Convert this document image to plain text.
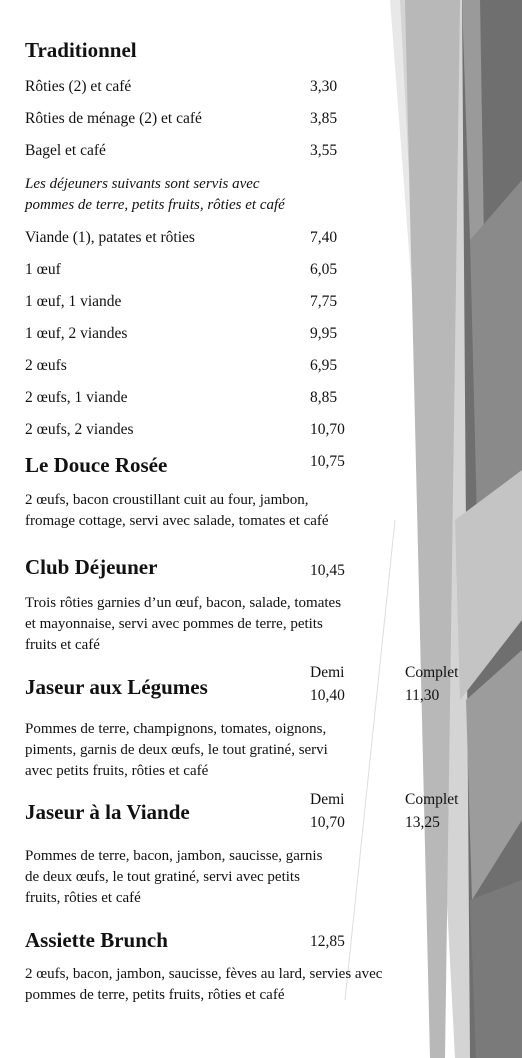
Traditionnel
Rôties (2) et café	3,30
Rôties de ménage (2) et café	3,85
Bagel et café	3,55
Les déjeuners suivants sont servis avec
pommes de terre, petits fruits, rôties et café
Viande (1), patates et rôties	7,40
1 œuf	6,05
1 œuf, 1 viande	7,75
1 œuf, 2 viandes	9,95
2 œufs	6,95
2 œufs, 1 viande	8,85
2 œufs, 2 viandes	10,70
Le Douce Rosée	10,75
2 œufs, bacon croustillant cuit au four, jambon,
fromage cottage, servi avec salade, tomates et café
Club Déjeuner	10,45
Trois rôties garnies d’un œuf, bacon, salade, tomates
et mayonnaise, servi avec pommes de terre, petits
fruits et café
Demi	Complet
Jaseur aux Légumes	10,40	11,30
Pommes de terre, champignons, tomates, oignons,
piments, garnis de deux œufs, le tout gratiné, servi
avec petits fruits, rôties et café
Demi	Complet
Jaseur à la Viande	10,70	13,25
Pommes de terre, bacon, jambon, saucisse, garnis
de deux œufs, le tout gratiné, servi avec petits
fruits, rôties et café
Assiette Brunch	12,85
2 œufs, bacon, jambon, saucisse, fèves au lard, servies avec
pommes de terre, petits fruits, rôties et café
